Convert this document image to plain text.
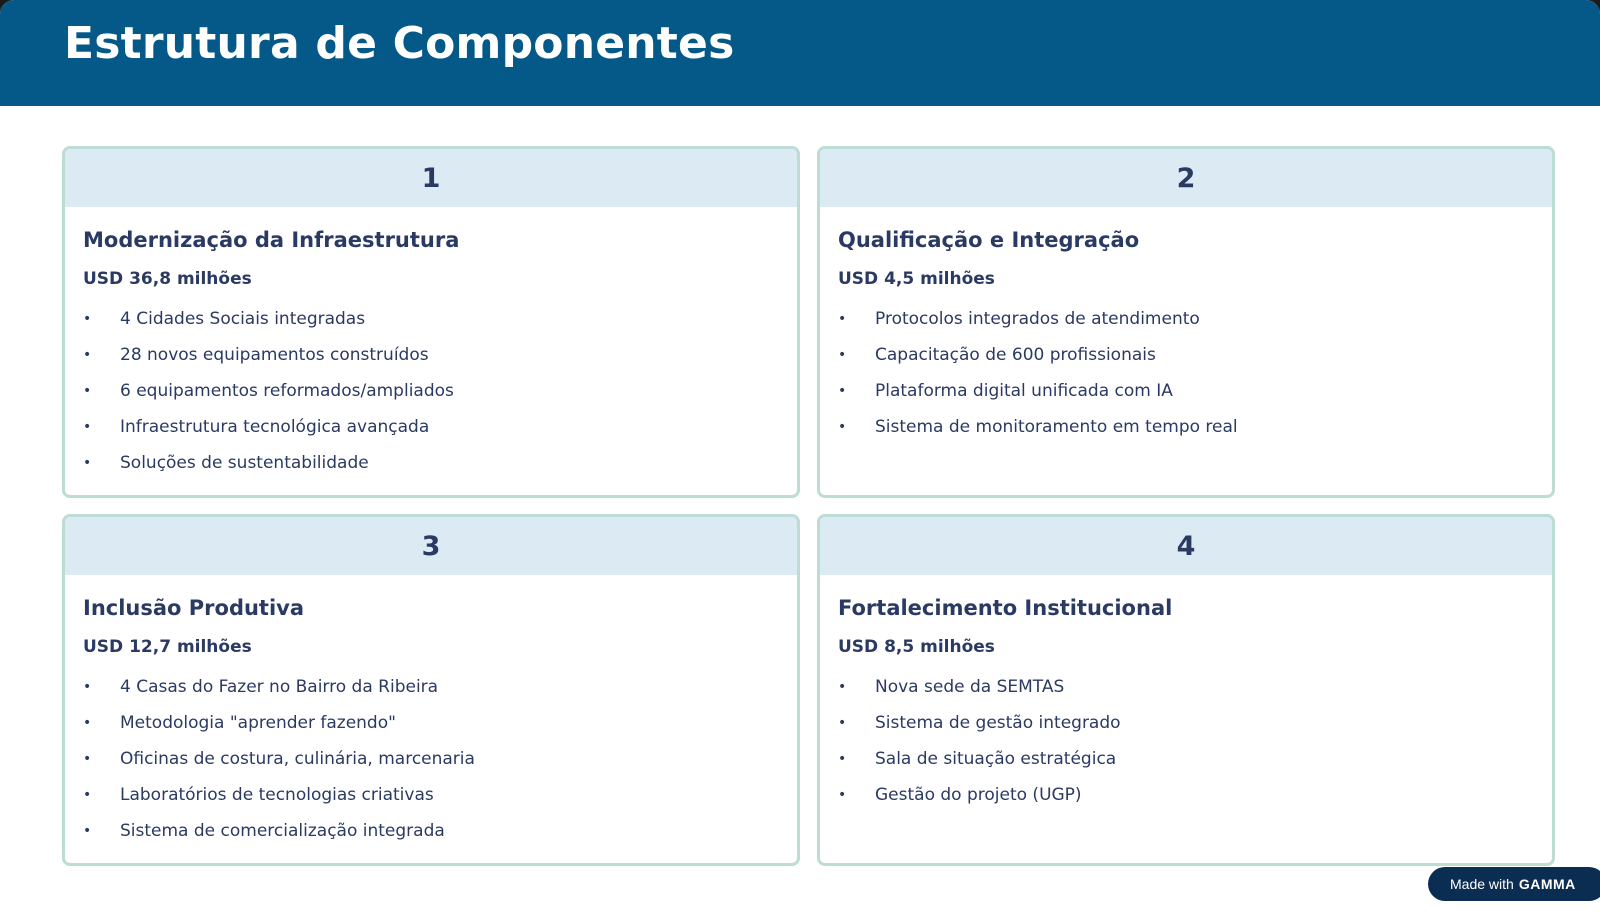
Estrutura de Componentes
1
Modernização da Infraestrutura
USD 36,8 milhões
•	4 Cidades Sociais integradas
•	28 novos equipamentos construídos
•	6 equipamentos reformados/ampliados
•	Infraestrutura tecnológica avançada
•	Soluções de sustentabilidade
2
Qualificação e Integração
USD 4,5 milhões
•	Protocolos integrados de atendimento
•	Capacitação de 600 profissionais
•	Plataforma digital unificada com IA
•	Sistema de monitoramento em tempo real
3
Inclusão Produtiva
USD 12,7 milhões
•	4 Casas do Fazer no Bairro da Ribeira
•	Metodologia "aprender fazendo"
•	Oficinas de costura, culinária, marcenaria
•	Laboratórios de tecnologias criativas
•	Sistema de comercialização integrada
4
Fortalecimento Institucional
USD 8,5 milhões
•	Nova sede da SEMTAS
•	Sistema de gestão integrado
•	Sala de situação estratégica
•	Gestão do projeto (UGP)
Made with GAMMA
